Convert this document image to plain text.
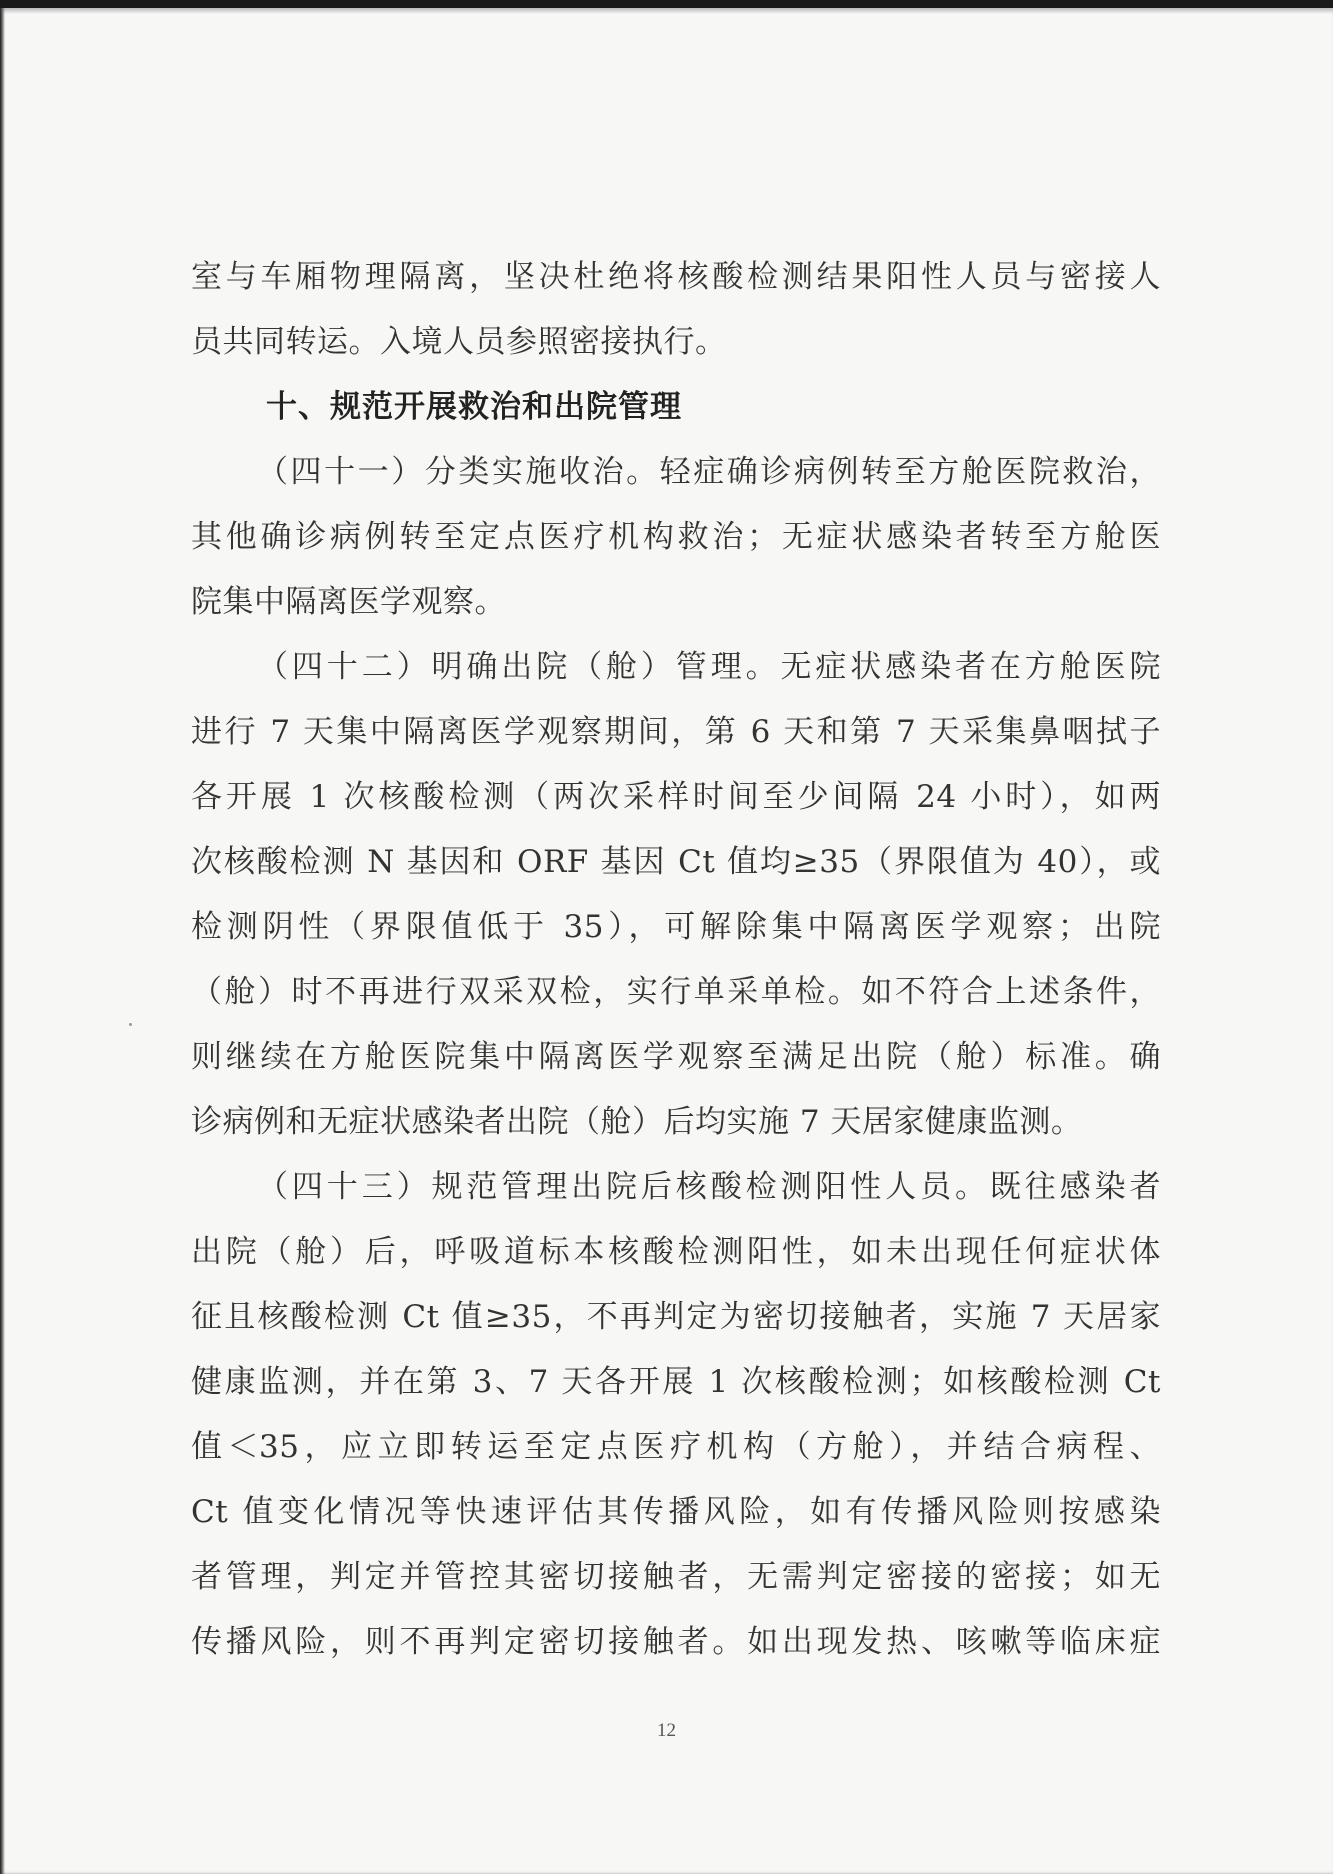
室与车厢物理隔离，坚决杜绝将核酸检测结果阳性人员与密接人
员共同转运。入境人员参照密接执行。
十、规范开展救治和出院管理
（四十一）分类实施收治。轻症确诊病例转至方舱医院救治，
其他确诊病例转至定点医疗机构救治；无症状感染者转至方舱医
院集中隔离医学观察。
（四十二）明确出院（舱）管理。无症状感染者在方舱医院
进行 7 天集中隔离医学观察期间，第 6 天和第 7 天采集鼻咽拭子
各开展 1 次核酸检测（两次采样时间至少间隔 24 小时），如两
次核酸检测 N 基因和 ORF 基因 Ct 值均≥35（界限值为 40），或
检测阴性（界限值低于 35），可解除集中隔离医学观察；出院
（舱）时不再进行双采双检，实行单采单检。如不符合上述条件，
则继续在方舱医院集中隔离医学观察至满足出院（舱）标准。确
诊病例和无症状感染者出院（舱）后均实施 7 天居家健康监测。
（四十三）规范管理出院后核酸检测阳性人员。既往感染者
出院（舱）后，呼吸道标本核酸检测阳性，如未出现任何症状体
征且核酸检测 Ct 值≥35，不再判定为密切接触者，实施 7 天居家
健康监测，并在第 3、7 天各开展 1 次核酸检测；如核酸检测 Ct
值＜35，应立即转运至定点医疗机构（方舱），并结合病程、
Ct 值变化情况等快速评估其传播风险，如有传播风险则按感染
者管理，判定并管控其密切接触者，无需判定密接的密接；如无
传播风险，则不再判定密切接触者。如出现发热、咳嗽等临床症
12
